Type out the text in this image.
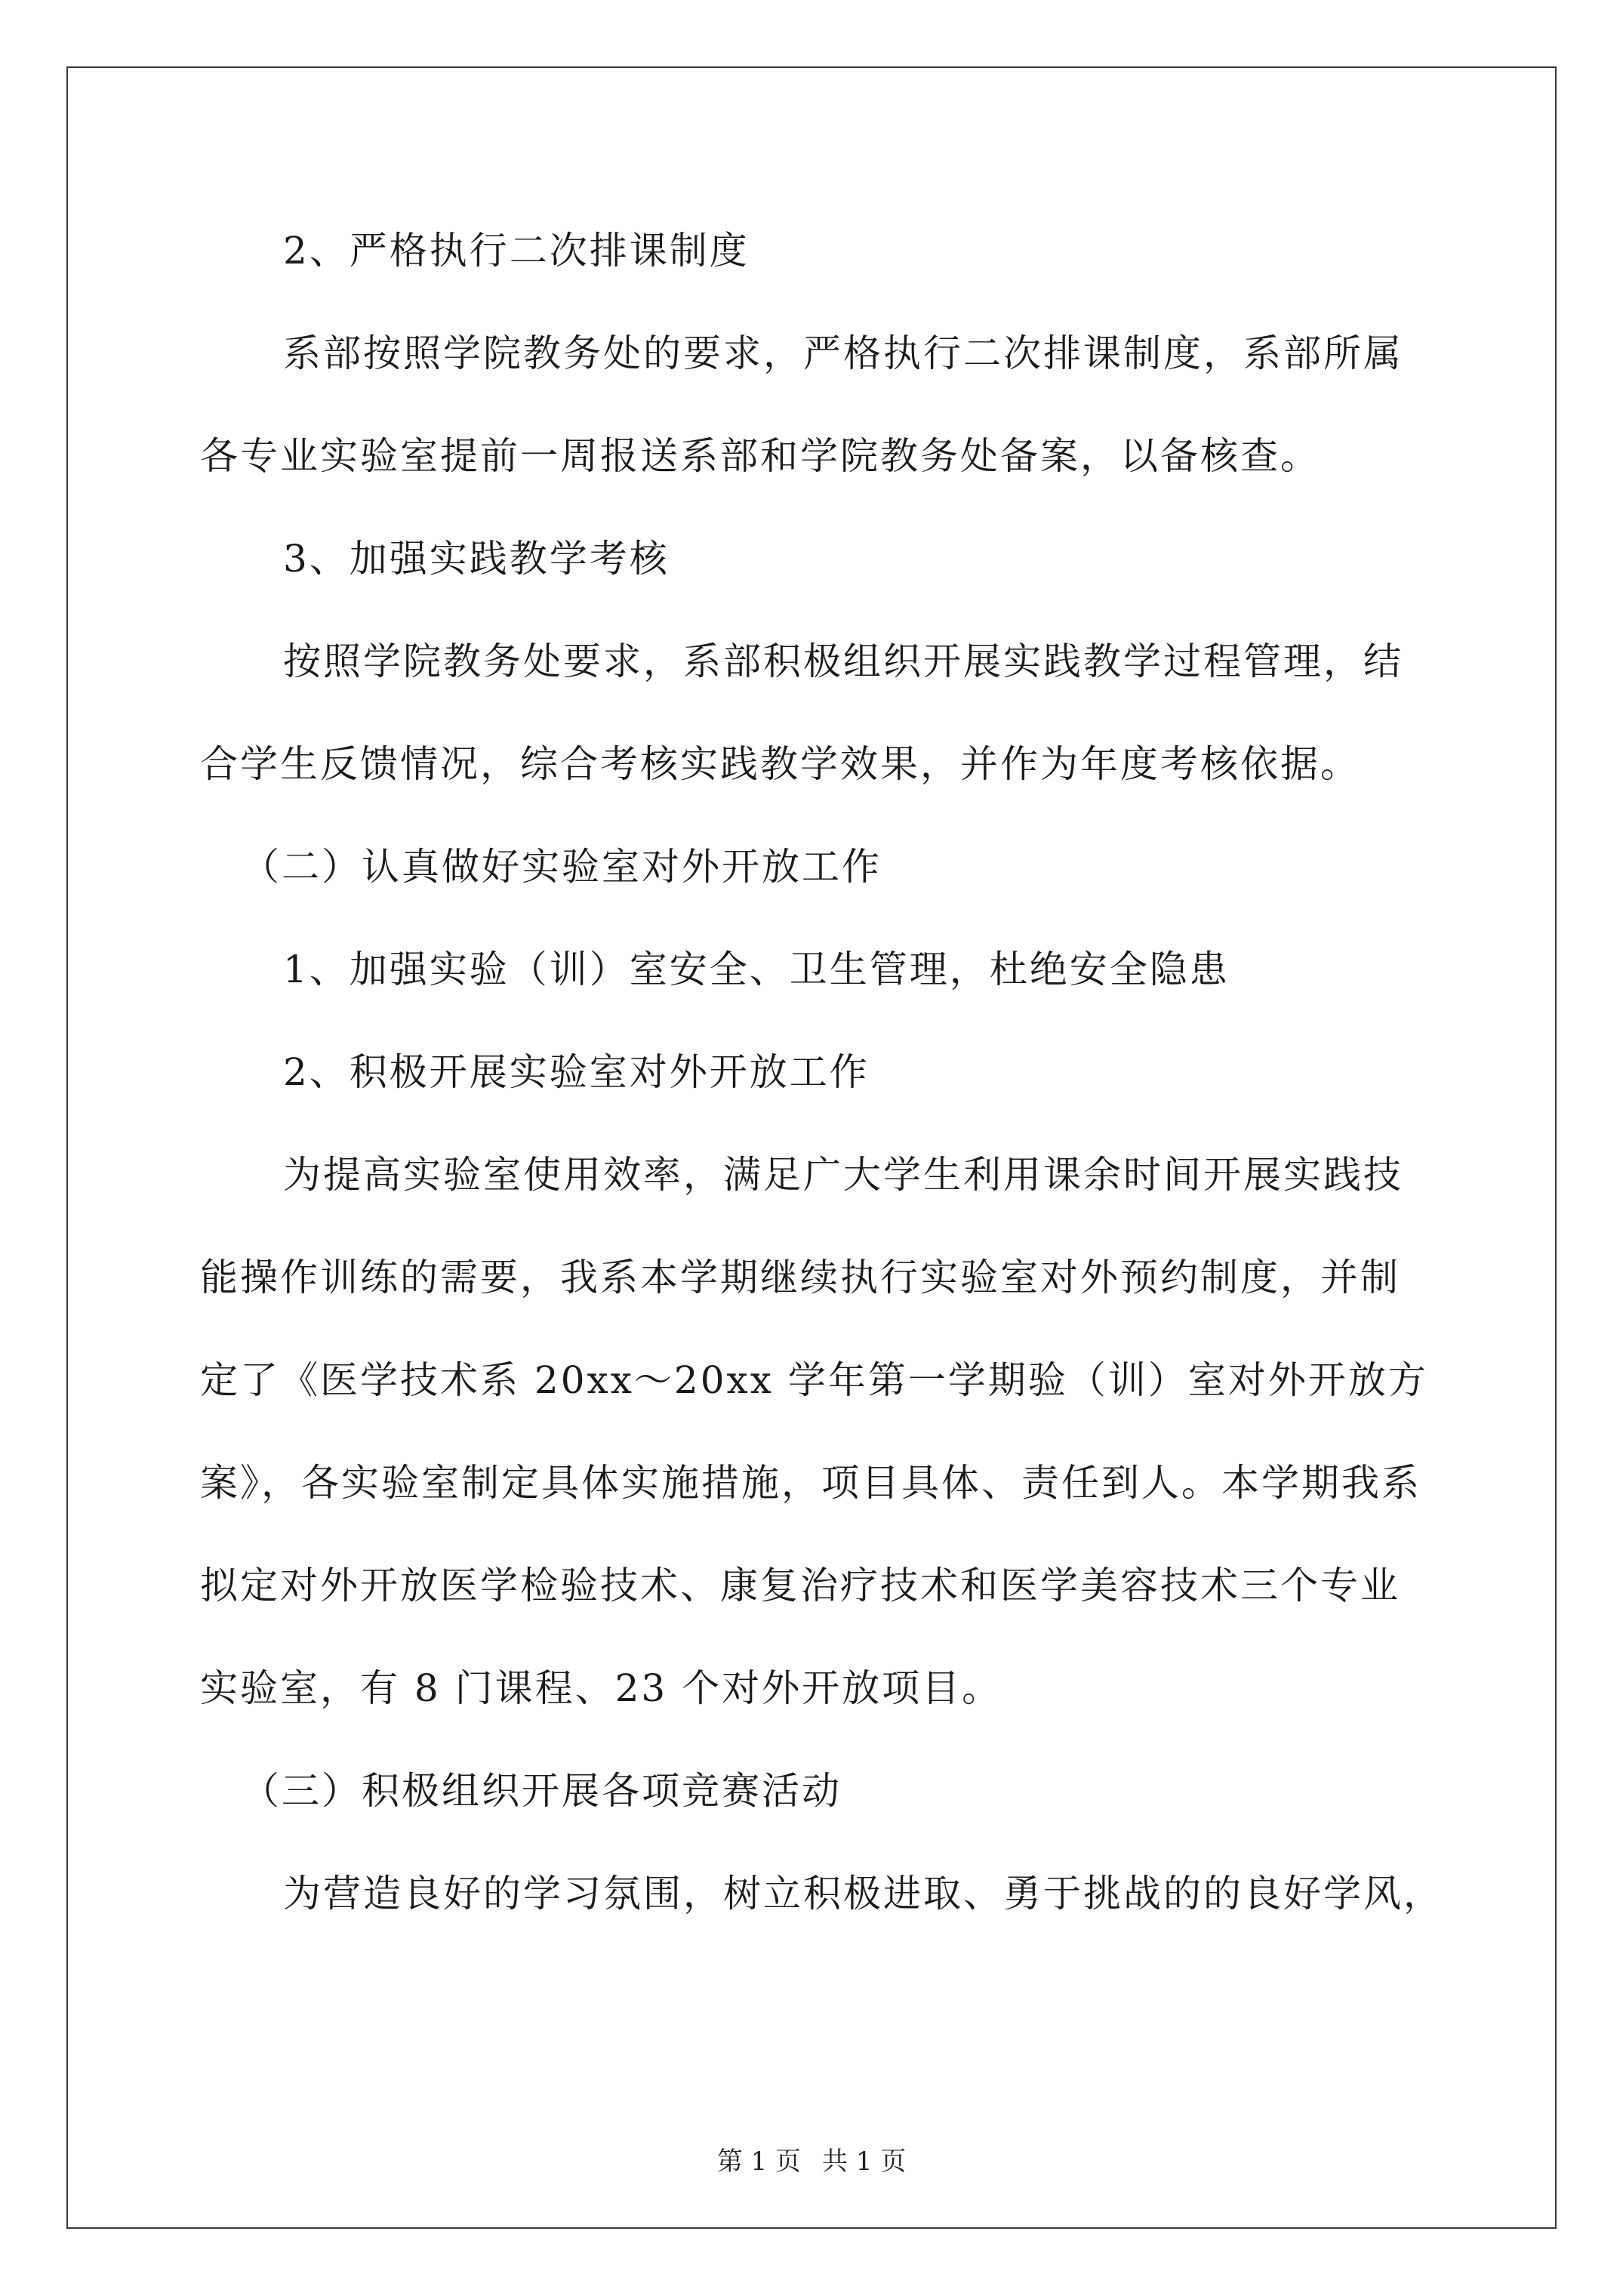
2、严格执行二次排课制度
系部按照学院教务处的要求，严格执行二次排课制度，系部所属
各专业实验室提前一周报送系部和学院教务处备案，以备核查。
3、加强实践教学考核
按照学院教务处要求，系部积极组织开展实践教学过程管理，结
合学生反馈情况，综合考核实践教学效果，并作为年度考核依据。
（二）认真做好实验室对外开放工作
1、加强实验（训）室安全、卫生管理，杜绝安全隐患
2、积极开展实验室对外开放工作
为提高实验室使用效率，满足广大学生利用课余时间开展实践技
能操作训练的需要，我系本学期继续执行实验室对外预约制度，并制
定了《医学技术系 20xx～20xx 学年第一学期验（训）室对外开放方
案》，各实验室制定具体实施措施，项目具体、责任到人。本学期我系
拟定对外开放医学检验技术、康复治疗技术和医学美容技术三个专业
实验室，有 8 门课程、23 个对外开放项目。
（三）积极组织开展各项竞赛活动
为营造良好的学习氛围，树立积极进取、勇于挑战的的良好学风，
第 1 页 共 1 页
